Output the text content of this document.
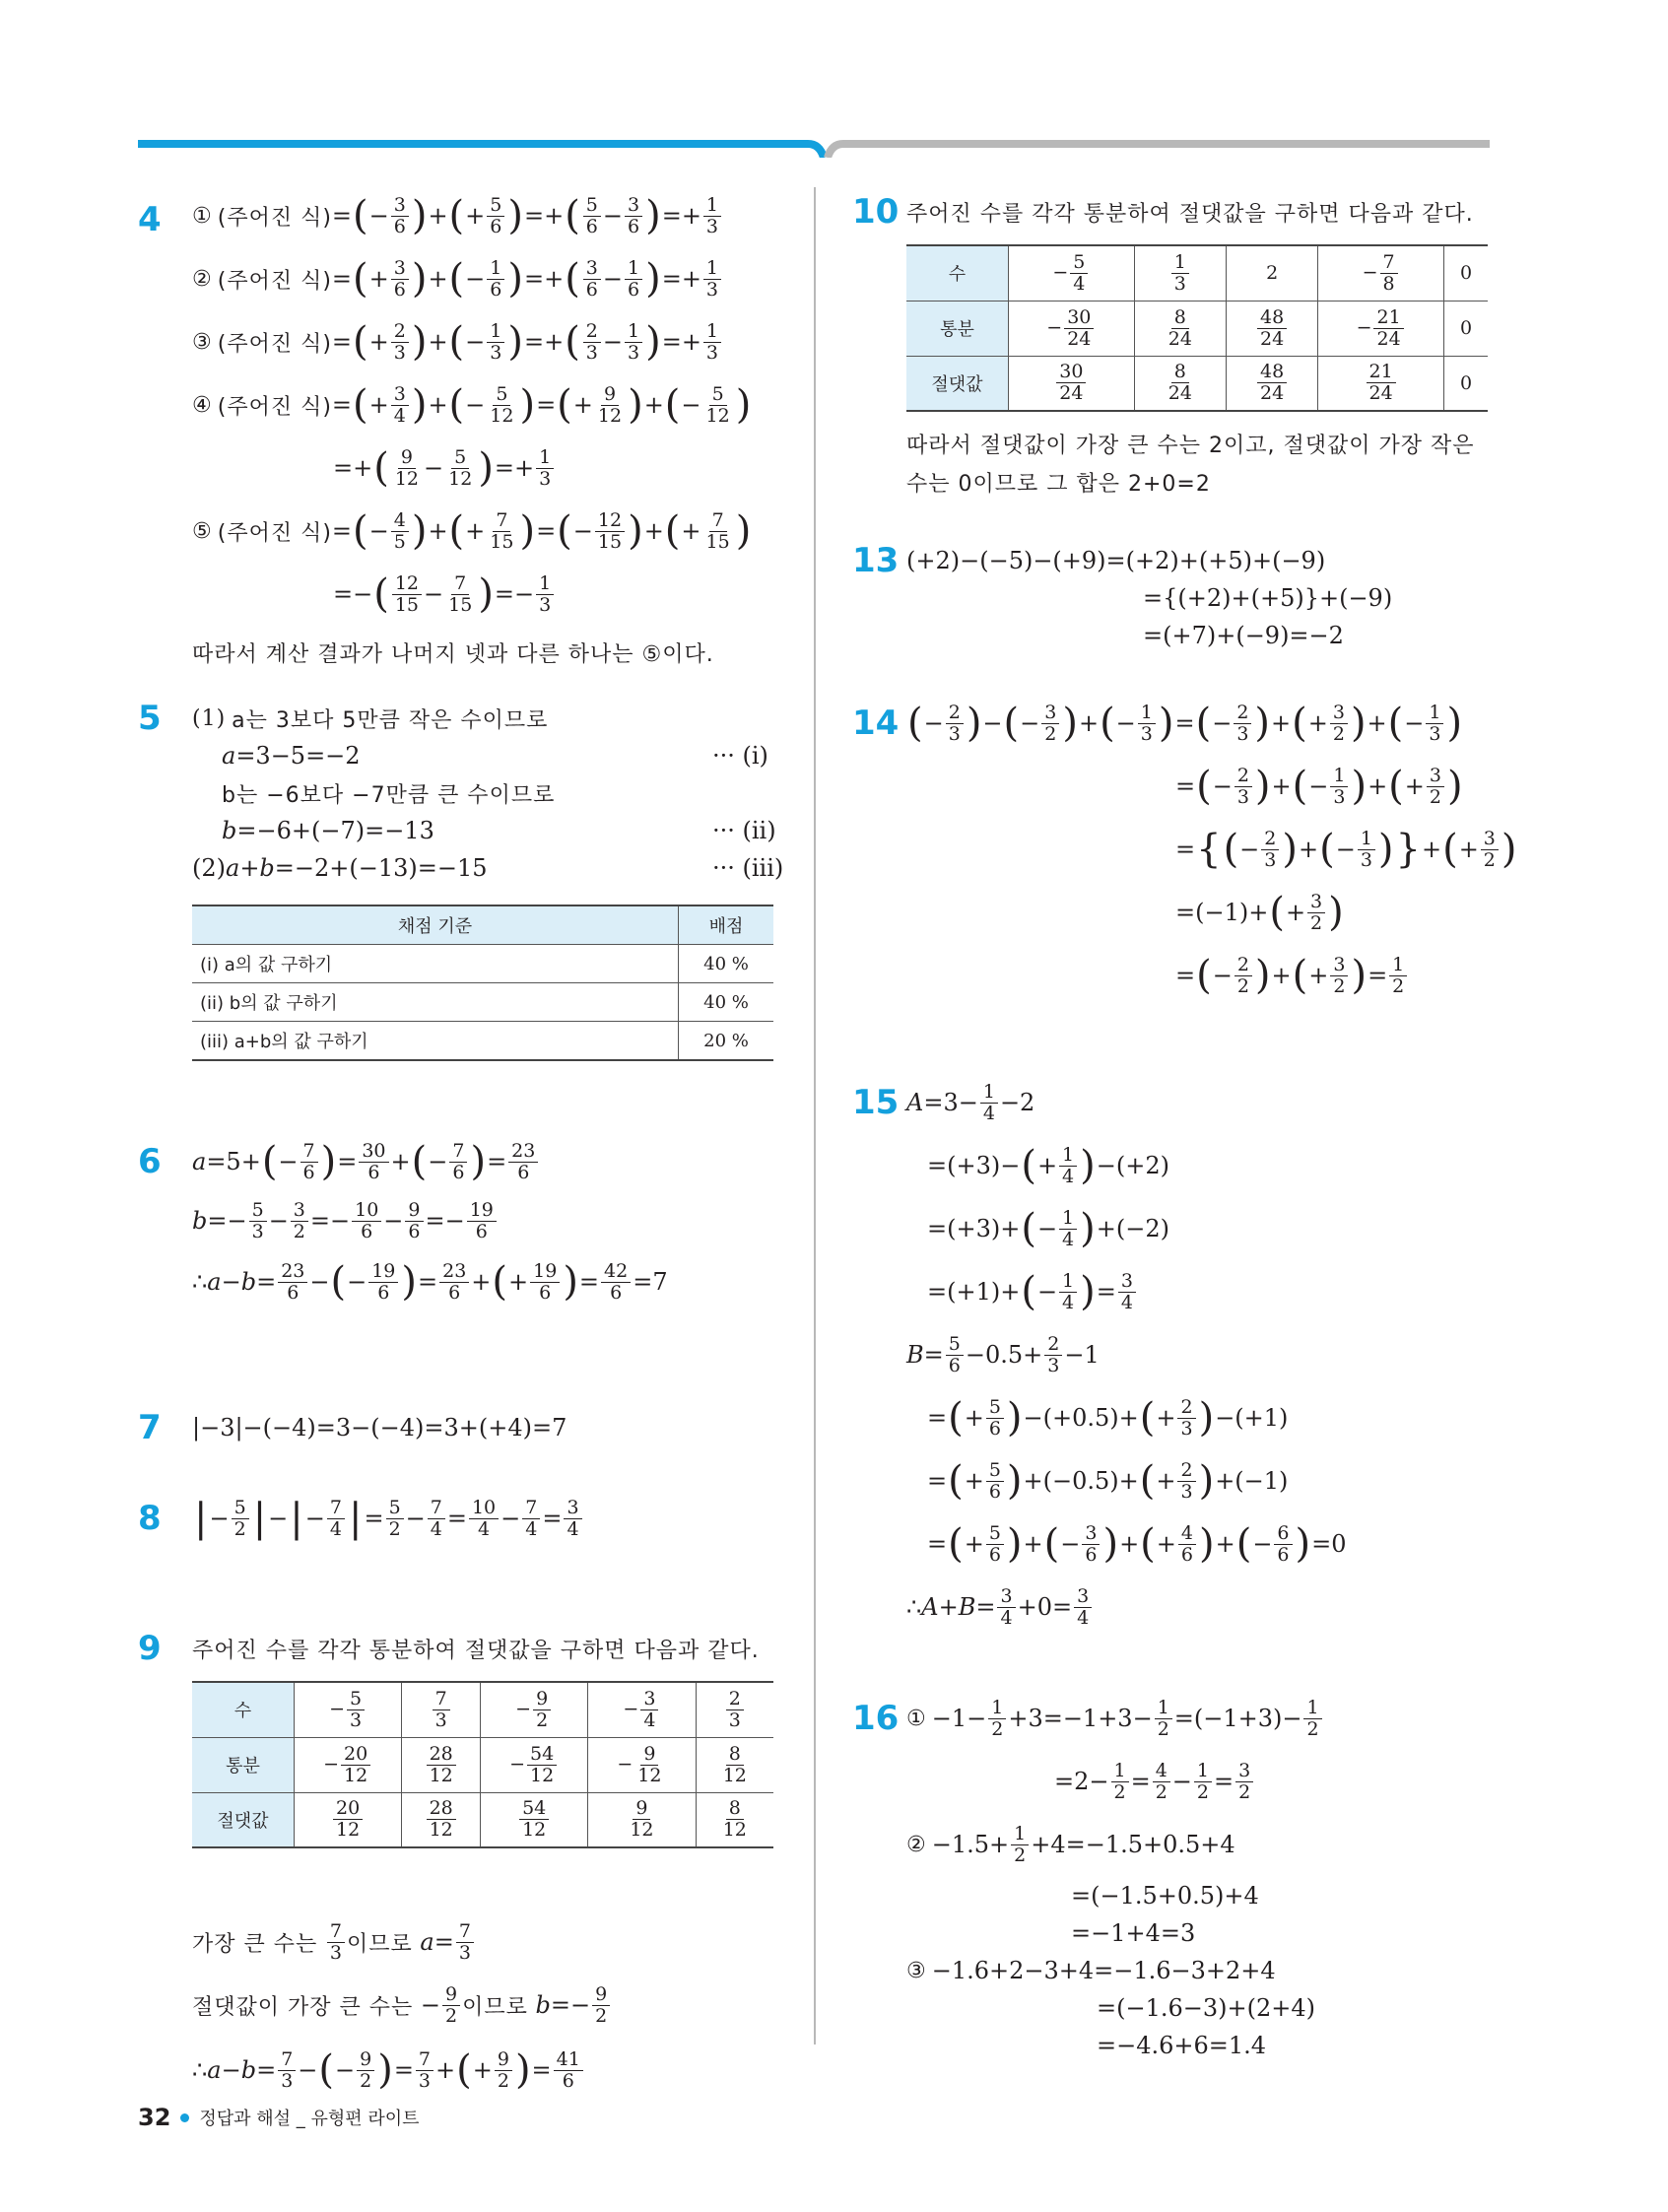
4 ① (주어진 식) = ( − $\frac{3}{6}$ ) + ( + $\frac{5}{6}$ ) =+ ( $\frac{5}{6} - \frac{3}{6}$ ) =+ $\frac{1}{3}$
② (주어진 식) = ( + $\frac{3}{6}$ ) + ( − $\frac{1}{6}$ ) =+ ( $\frac{3}{6} - \frac{1}{6}$ ) =+ $\frac{1}{3}$
③ (주어진 식) = ( + $\frac{2}{3}$ ) + ( − $\frac{1}{3}$ ) =+ ( $\frac{2}{3} - \frac{1}{3}$ ) =+ $\frac{1}{3}$
④ (주어진 식) = ( + $\frac{3}{4}$ ) + ( − $\frac{5}{12}$ ) = ( + $\frac{9}{12}$ ) + ( − $\frac{5}{12}$ )
=+ ( $\frac{9}{12} - \frac{5}{12}$ ) =+ $\frac{1}{3}$
⑤ (주어진 식) = ( − $\frac{4}{5}$ ) + ( + $\frac{7}{15}$ ) = ( − $\frac{12}{15}$ ) + ( + $\frac{7}{15}$ )
=− ( $\frac{12}{15} - \frac{7}{15}$ ) =− $\frac{1}{3}$
따라서 계산 결과가 나머지 넷과 다른 하나는 ⑤이다.
5 (1) a는 3보다 5만큼 작은 수이므로
a =3−5=−2	··· (i)
b는 −6보다 −7만큼 큰 수이므로
b =−6+(−7)=−13	··· (ii)
(2) a + b =−2+(−13)=−15	··· (iii)
채점 기준	배점
(i) a의 값 구하기	40 %
(ii) b의 값 구하기	40 %
(iii) a+b의 값 구하기	20 %
6 a =5+ ( − $\frac{7}{6}$ ) = $\frac{30}{6}$ + ( − $\frac{7}{6}$ ) = $\frac{23}{6}$
$b =- \frac{5}{3} - \frac{3}{2} =- \frac{10}{6} - \frac{9}{6} =- \frac{19}{6}$
∴ $a - b = \frac{23}{6}$ − ( − $\frac{19}{6}$ ) = $\frac{23}{6}$ + ( + $\frac{19}{6}$ ) = $\frac{42}{6} =7$
7 |−3|−(−4)=3−(−4)=3+(+4)=7
8 | − $\frac{5}{2}$ | − | − $\frac{7}{4}$ | = $\frac{5}{2} - \frac{7}{4} = \frac{10}{4} - \frac{7}{4} = \frac{3}{4}$
9 주어진 수를 각각 통분하여 절댓값을 구하면 다음과 같다.
수	− $\frac{5}{3}$	$\frac{7}{3}$	− $\frac{9}{2}$	− $\frac{3}{4}$	$\frac{2}{3}$

통분	− $\frac{20}{12}$	$\frac{28}{12}$	− $\frac{54}{12}$	− $\frac{9}{12}$	$\frac{8}{12}$

절댓값	$\frac{20}{12}$	$\frac{28}{12}$	$\frac{54}{12}$	$\frac{9}{12}$	$\frac{8}{12}$
가장 큰 수는
$\frac{7}{3}$ 이므로
$a = \frac{7}{3}$
절댓값이 가장 큰 수는 − $\frac{9}{2}$ 이므로
$b =- \frac{9}{2}$
∴ $a - b = \frac{7}{3}$ − ( − $\frac{9}{2}$ ) = $\frac{7}{3}$ + ( + $\frac{9}{2}$ ) = $\frac{41}{6}$
10 주어진 수를 각각 통분하여 절댓값을 구하면 다음과 같다.
수	− $\frac{5}{4}$	$\frac{1}{3}$	2	− $\frac{7}{8}$	0
통분	− $\frac{30}{24}$	$\frac{8}{24}$	$\frac{48}{24}$	− $\frac{21}{24}$	0
절댓값	$\frac{30}{24}$	$\frac{8}{24}$	$\frac{48}{24}$	$\frac{21}{24}$	0
따라서 절댓값이 가장 큰 수는 2이고, 절댓값이 가장 작은
수는 0이므로 그 합은 2+0=2
13 (+2)−(−5)−(+9)=(+2)+(+5)+(−9)
={(+2)+(+5)}+(−9)
=(+7)+(−9)=−2
14 ( − $\frac{2}{3}$ ) − ( − $\frac{3}{2}$ ) + ( − $\frac{1}{3}$ ) = ( − $\frac{2}{3}$ ) + ( + $\frac{3}{2}$ ) + ( − $\frac{1}{3}$ )
= ( − $\frac{2}{3}$ ) + ( − $\frac{1}{3}$ ) + ( + $\frac{3}{2}$ )
= { ( − $\frac{2}{3}$ ) + ( − $\frac{1}{3}$ ) } + ( + $\frac{3}{2}$ )
=(−1)+ ( + $\frac{3}{2}$ )
= ( − $\frac{2}{2}$ ) + ( + $\frac{3}{2}$ ) = $\frac{1}{2}$
15 $A =3- \frac{1}{4} -2$
=(+3)− ( + $\frac{1}{4}$ ) −(+2)
=(+3)+ ( − $\frac{1}{4}$ ) +(−2)
=(+1)+ ( − $\frac{1}{4}$ ) = $\frac{3}{4}$
$B = \frac{5}{6} -0.5+ \frac{2}{3} -1$
= ( + $\frac{5}{6}$ ) −(+0.5)+ ( + $\frac{2}{3}$ ) −(+1)
= ( + $\frac{5}{6}$ ) +(−0.5)+ ( + $\frac{2}{3}$ ) +(−1)
= ( + $\frac{5}{6}$ ) + ( − $\frac{3}{6}$ ) + ( + $\frac{4}{6}$ ) + ( − $\frac{6}{6}$ ) =0
∴ $A + B = \frac{3}{4} +0= \frac{3}{4}$
16 ① $-1- \frac{1}{2} +3=-1+3- \frac{1}{2} =(-1+3)- \frac{1}{2}$
$=2- \frac{1}{2} = \frac{4}{2} - \frac{1}{2} = \frac{3}{2}$
② $-1.5+ \frac{1}{2} +4=-1.5+0.5+4$
=(−1.5+0.5)+4
=−1+4=3
③ −1.6+2−3+4=−1.6−3+2+4
=(−1.6−3)+(2+4)
=−4.6+6=1.4
32 정답과 해설 _ 유형편 라이트
